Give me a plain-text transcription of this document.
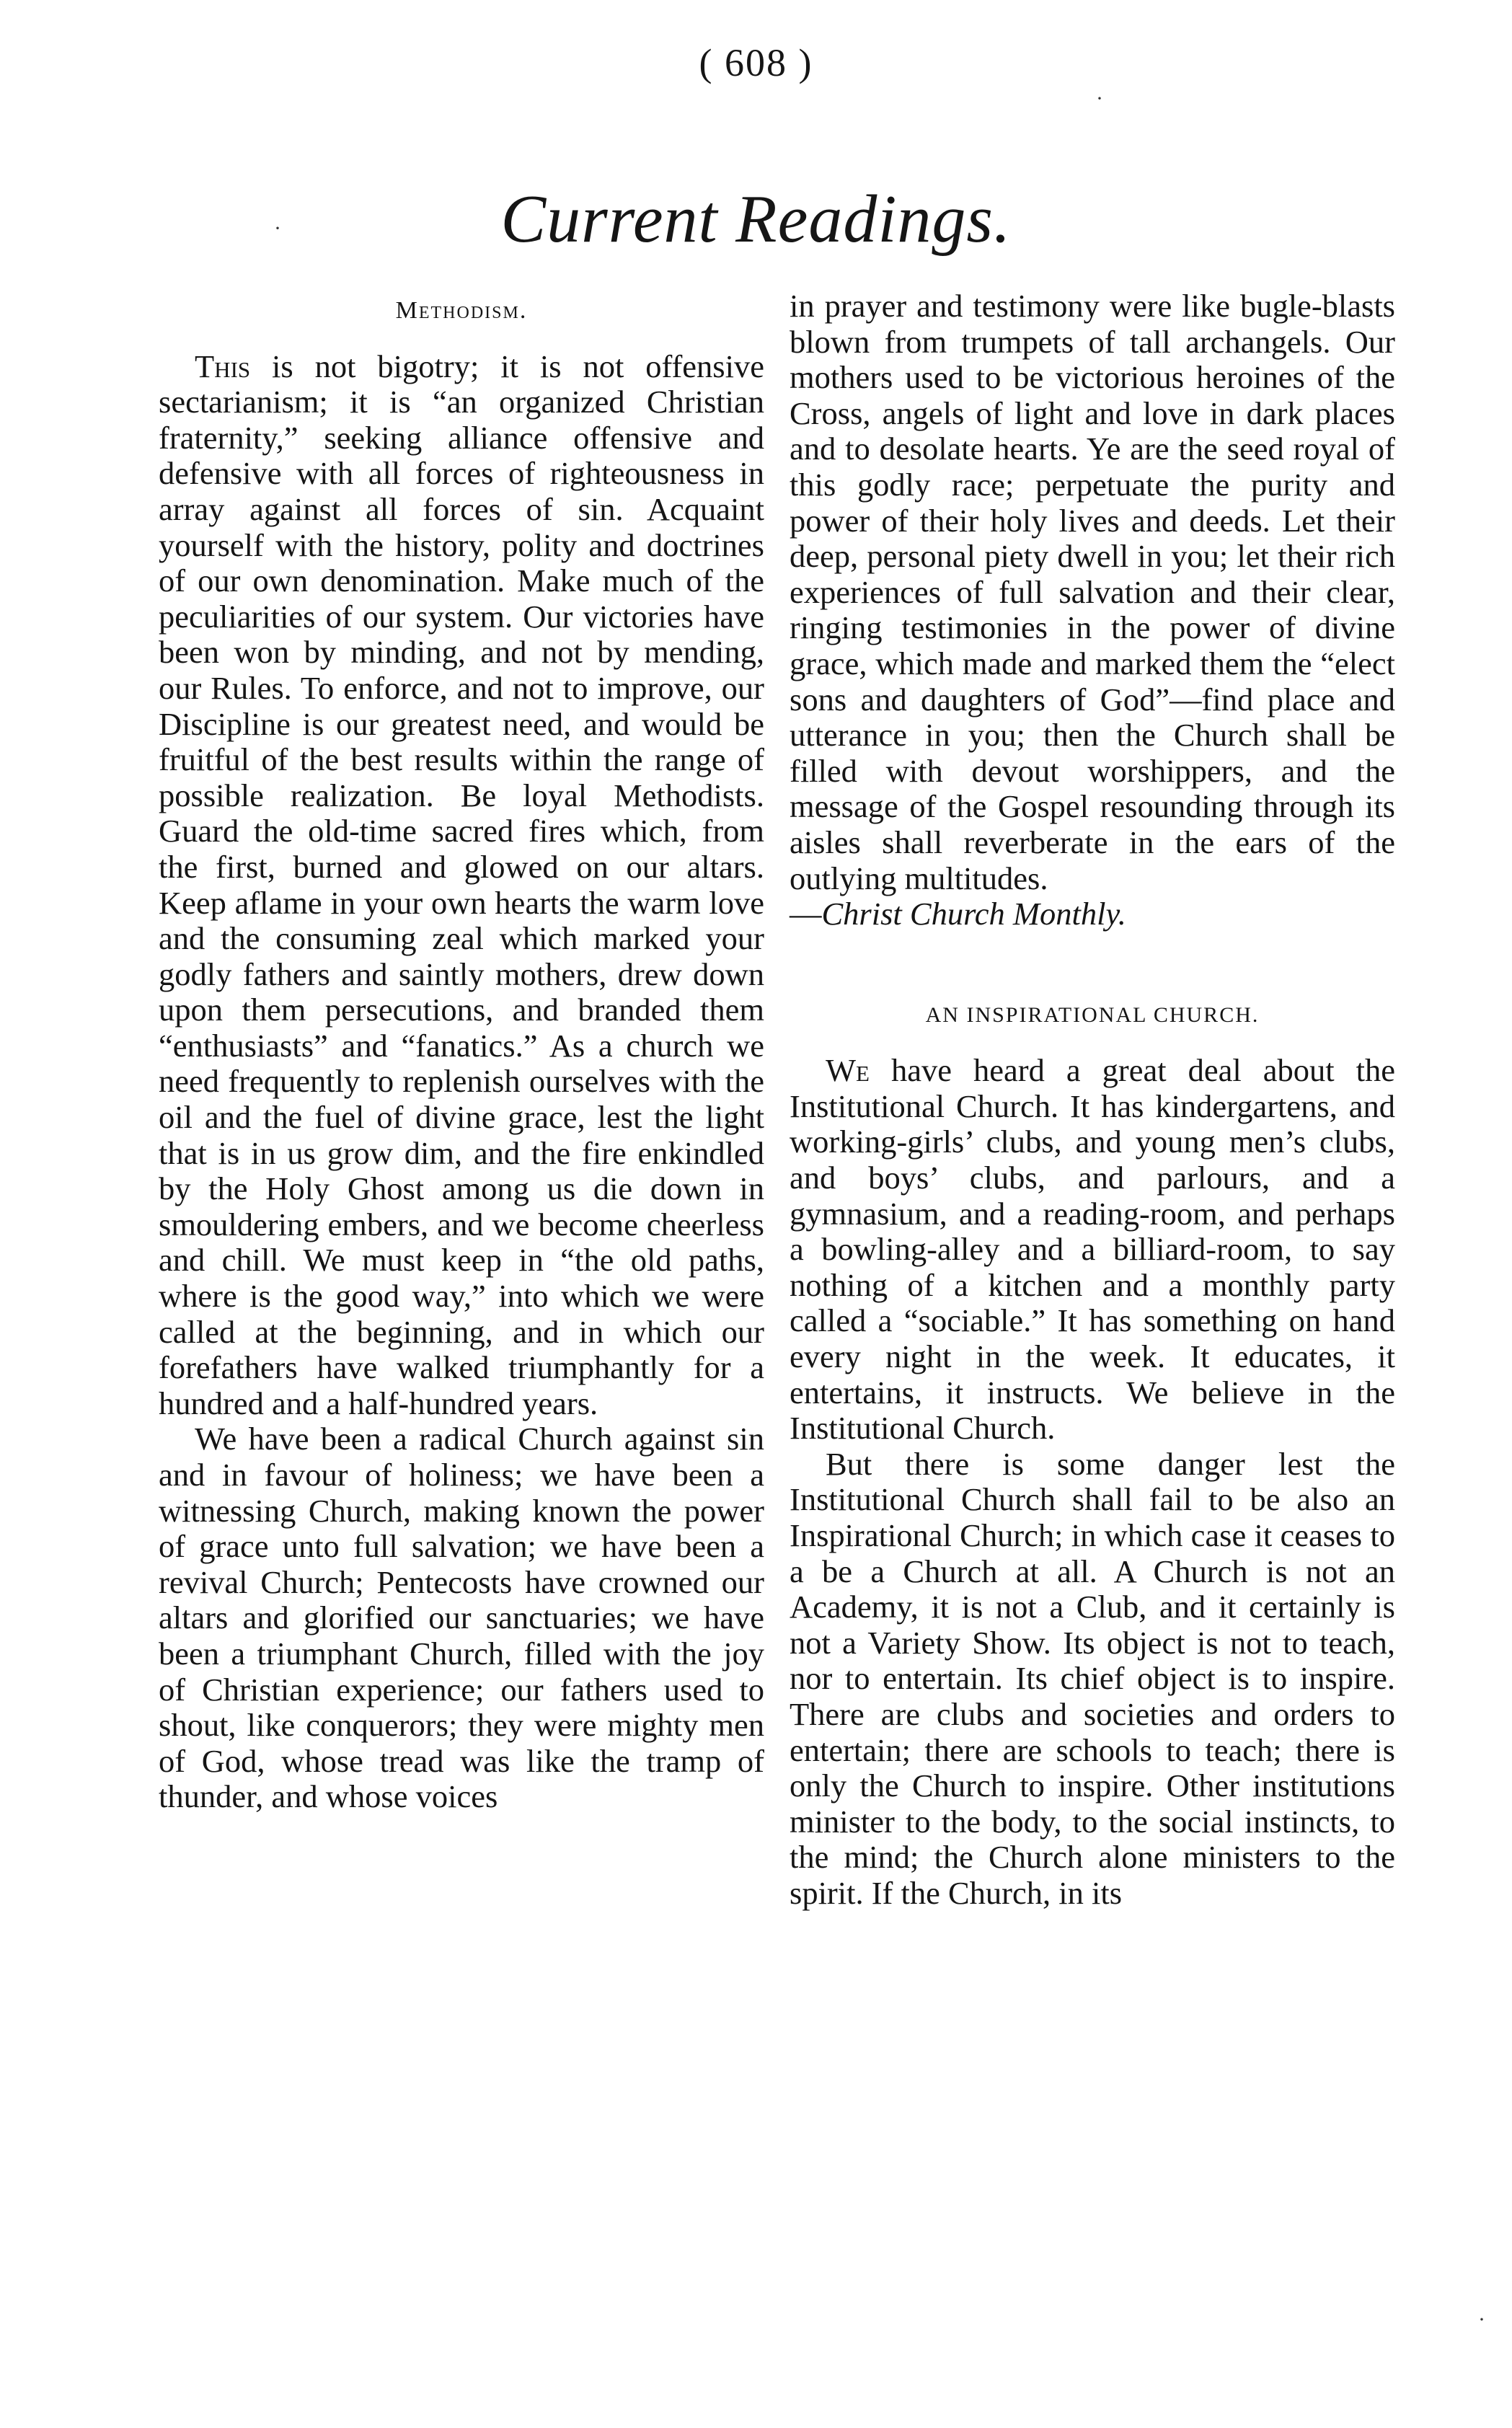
( 608 )
Current Readings.
·
·
·
Methodism.

This is not bigotry; it is not offensive sectarianism; it is “an organized Christian fraternity,” seeking alliance offensive and defensive with all forces of righteousness in array against all forces of sin. Acquaint yourself with the history, polity and doctrines of our own denomination. Make much of the peculiarities of our system. Our victories have been won by minding, and not by mending, our Rules. To enforce, and not to improve, our Discipline is our greatest need, and would be fruitful of the best results within the range of possible realization. Be loyal Methodists. Guard the old-time sacred fires which, from the first, burned and glowed on our altars. Keep aflame in your own hearts the warm love and the consuming zeal which marked your godly fathers and saintly mothers, drew down upon them persecutions, and branded them “enthusiasts” and “fanatics.” As a church we need frequently to replenish ourselves with the oil and the fuel of divine grace, lest the light that is in us grow dim, and the fire enkindled by the Holy Ghost among us die down in smouldering embers, and we become cheerless and chill. We must keep in “the old paths, where is the good way,” into which we were called at the beginning, and in which our forefathers have walked triumphantly for a hundred and a half-hundred years.

We have been a radical Church against sin and in favour of holiness; we have been a witnessing Church, making known the power of grace unto full salvation; we have been a revival Church; Pentecosts have crowned our altars and glorified our sanctuaries; we have been a triumphant Church, filled with the joy of Christian experience; our fathers used to shout, like conquerors; they were mighty men of God, whose tread was like the tramp of thunder, and whose voices

in prayer and testimony were like bugle-blasts blown from trumpets of tall archangels. Our mothers used to be victorious heroines of the Cross, angels of light and love in dark places and to desolate hearts. Ye are the seed royal of this godly race; perpetuate the purity and power of their holy lives and deeds. Let their deep, personal piety dwell in you; let their rich experiences of full salvation and their clear, ringing testimonies in the power of divine grace, which made and marked them the “elect sons and daughters of God”—find place and utterance in you; then the Church shall be filled with devout worshippers, and the message of the Gospel resounding through its aisles shall reverberate in the ears of the outlying multitudes.

—Christ Church Monthly.

AN INSPIRATIONAL CHURCH.

We have heard a great deal about the Institutional Church. It has kindergartens, and working-girls’ clubs, and young men’s clubs, and boys’ clubs, and parlours, and a gymnasium, and a reading-room, and perhaps a bowling-alley and a billiard-room, to say nothing of a kitchen and a monthly party called a “sociable.” It has something on hand every night in the week. It educates, it entertains, it instructs. We believe in the Institutional Church.

But there is some danger lest the Institutional Church shall fail to be also an Inspirational Church; in which case it ceases to a be a Church at all. A Church is not an Academy, it is not a Club, and it certainly is not a Variety Show. Its object is not to teach, nor to entertain. Its chief object is to inspire. There are clubs and societies and orders to entertain; there are schools to teach; there is only the Church to inspire. Other institutions minister to the body, to the social instincts, to the mind; the Church alone ministers to the spirit. If the Church, in its
